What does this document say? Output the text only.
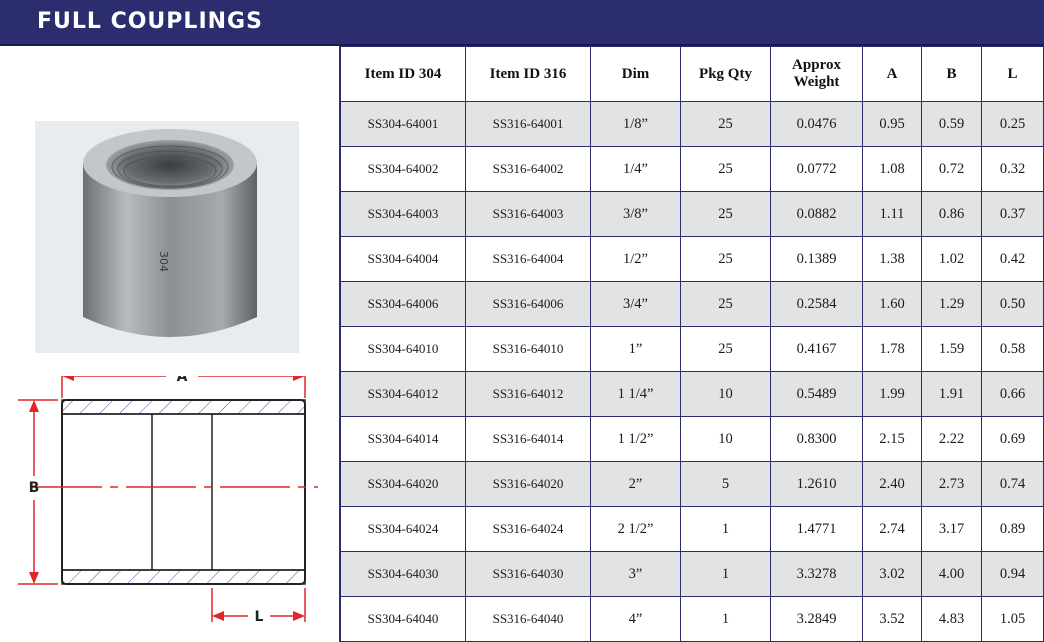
FULL COUPLINGS
304
A
B
L
Item ID 304	Item ID 316	Dim	Pkg Qty	Approx Weight	A	B	L
SS304-64001	SS316-64001	1/8”	25	0.0476	0.95	0.59	0.25
SS304-64002	SS316-64002	1/4”	25	0.0772	1.08	0.72	0.32
SS304-64003	SS316-64003	3/8”	25	0.0882	1.11	0.86	0.37
SS304-64004	SS316-64004	1/2”	25	0.1389	1.38	1.02	0.42
SS304-64006	SS316-64006	3/4”	25	0.2584	1.60	1.29	0.50
SS304-64010	SS316-64010	1”	25	0.4167	1.78	1.59	0.58
SS304-64012	SS316-64012	1 1/4”	10	0.5489	1.99	1.91	0.66
SS304-64014	SS316-64014	1 1/2”	10	0.8300	2.15	2.22	0.69
SS304-64020	SS316-64020	2”	5	1.2610	2.40	2.73	0.74
SS304-64024	SS316-64024	2 1/2”	1	1.4771	2.74	3.17	0.89
SS304-64030	SS316-64030	3”	1	3.3278	3.02	4.00	0.94
SS304-64040	SS316-64040	4”	1	3.2849	3.52	4.83	1.05
